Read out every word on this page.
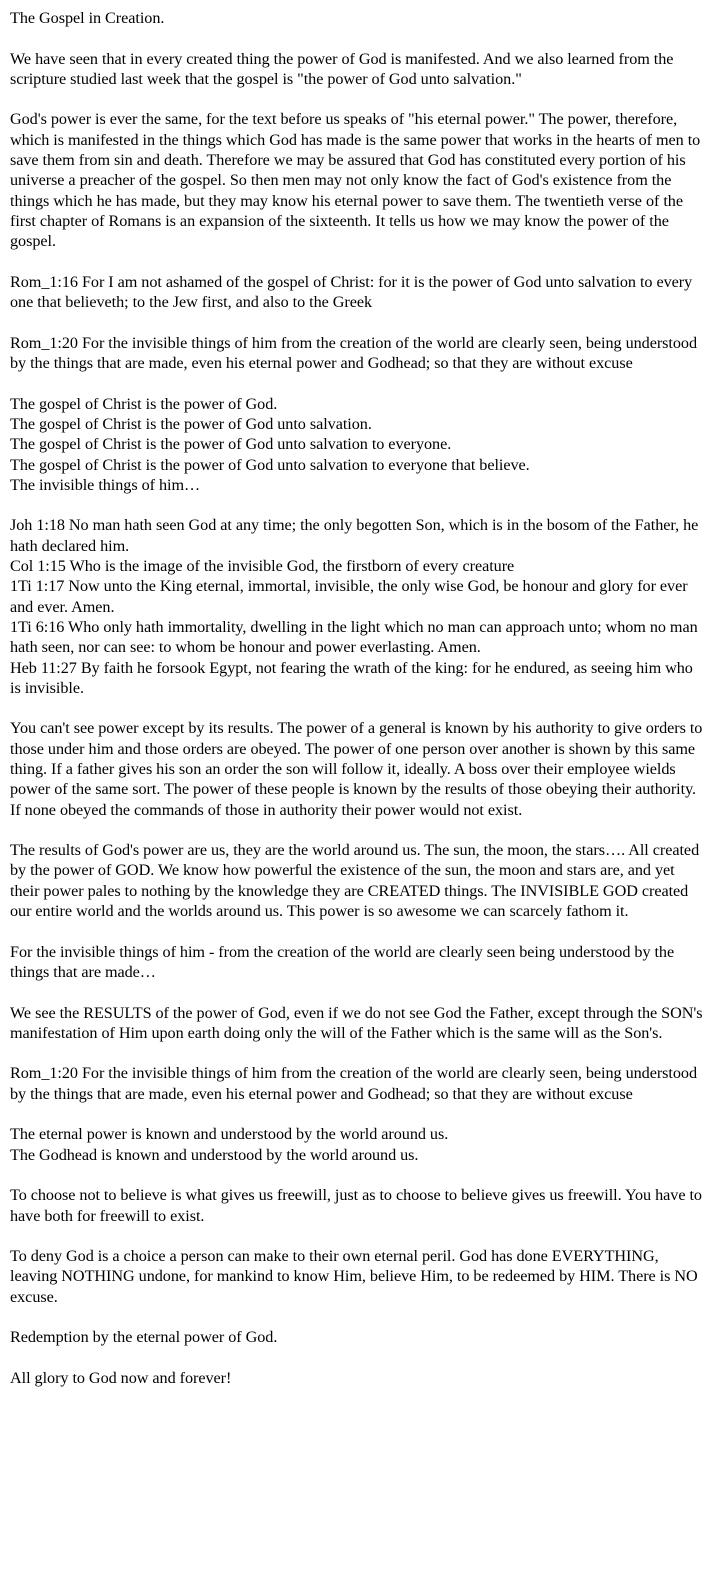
The Gospel in Creation.
We have seen that in every created thing the power of God is manifested. And we also learned from the scripture studied last week that the gospel is "the power of God unto salvation."
God's power is ever the same, for the text before us speaks of "his eternal power." The power, therefore, which is manifested in the things which God has made is the same power that works in the hearts of men to save them from sin and death. Therefore we may be assured that God has constituted every portion of his universe a preacher of the gospel. So then men may not only know the fact of God's existence from the things which he has made, but they may know his eternal power to save them. The twentieth verse of the first chapter of Romans is an expansion of the sixteenth. It tells us how we may know the power of the gospel.
Rom_1:16 For I am not ashamed of the gospel of Christ: for it is the power of God unto salvation to every one that believeth; to the Jew first, and also to the Greek
Rom_1:20 For the invisible things of him from the creation of the world are clearly seen, being understood by the things that are made, even his eternal power and Godhead; so that they are without excuse
The gospel of Christ is the power of God.
The gospel of Christ is the power of God unto salvation.
The gospel of Christ is the power of God unto salvation to everyone.
The gospel of Christ is the power of God unto salvation to everyone that believe.
The invisible things of him…
Joh 1:18 No man hath seen God at any time; the only begotten Son, which is in the bosom of the Father, he hath declared him.
Col 1:15 Who is the image of the invisible God, the firstborn of every creature
1Ti 1:17 Now unto the King eternal, immortal, invisible, the only wise God, be honour and glory for ever and ever. Amen.
1Ti 6:16 Who only hath immortality, dwelling in the light which no man can approach unto; whom no man hath seen, nor can see: to whom be honour and power everlasting. Amen.
Heb 11:27 By faith he forsook Egypt, not fearing the wrath of the king: for he endured, as seeing him who is invisible.
You can't see power except by its results. The power of a general is known by his authority to give orders to those under him and those orders are obeyed. The power of one person over another is shown by this same thing. If a father gives his son an order the son will follow it, ideally. A boss over their employee wields power of the same sort. The power of these people is known by the results of those obeying their authority. If none obeyed the commands of those in authority their power would not exist.
The results of God's power are us, they are the world around us. The sun, the moon, the stars…. All created by the power of GOD. We know how powerful the existence of the sun, the moon and stars are, and yet their power pales to nothing by the knowledge they are CREATED things. The INVISIBLE GOD created our entire world and the worlds around us. This power is so awesome we can scarcely fathom it.
For the invisible things of him - from the creation of the world are clearly seen being understood by the things that are made…
We see the RESULTS of the power of God, even if we do not see God the Father, except through the SON's manifestation of Him upon earth doing only the will of the Father which is the same will as the Son's.
Rom_1:20 For the invisible things of him from the creation of the world are clearly seen, being understood by the things that are made, even his eternal power and Godhead; so that they are without excuse
The eternal power is known and understood by the world around us.
The Godhead is known and understood by the world around us.
To choose not to believe is what gives us freewill, just as to choose to believe gives us freewill. You have to have both for freewill to exist.
To deny God is a choice a person can make to their own eternal peril. God has done EVERYTHING, leaving NOTHING undone, for mankind to know Him, believe Him, to be redeemed by HIM. There is NO excuse.
Redemption by the eternal power of God.
All glory to God now and forever!
